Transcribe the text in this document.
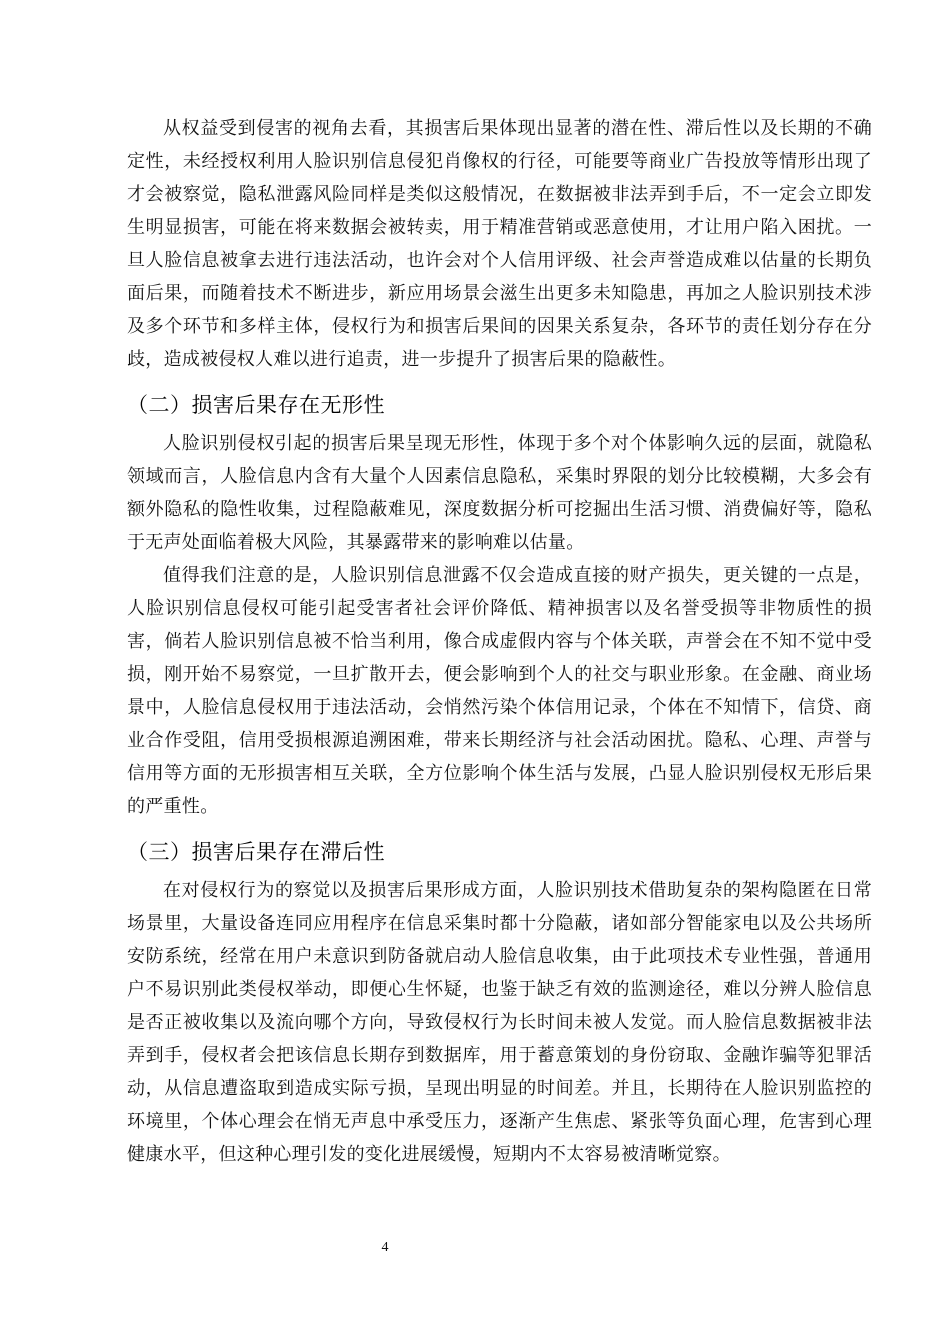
从权益受到侵害的视角去看，其损害后果体现出显著的潜在性、滞后性以及长期的不确定性，未经授权利用人脸识别信息侵犯肖像权的行径，可能要等商业广告投放等情形出现了才会被察觉，隐私泄露风险同样是类似这般情况，在数据被非法弄到手后，不一定会立即发生明显损害，可能在将来数据会被转卖，用于精准营销或恶意使用，才让用户陷入困扰。一旦人脸信息被拿去进行违法活动，也许会对个人信用评级、社会声誉造成难以估量的长期负面后果，而随着技术不断进步，新应用场景会滋生出更多未知隐患，再加之人脸识别技术涉及多个环节和多样主体，侵权行为和损害后果间的因果关系复杂，各环节的责任划分存在分歧，造成被侵权人难以进行追责，进一步提升了损害后果的隐蔽性。

（二）损害后果存在无形性

人脸识别侵权引起的损害后果呈现无形性，体现于多个对个体影响久远的层面，就隐私领域而言，人脸信息内含有大量个人因素信息隐私，采集时界限的划分比较模糊，大多会有额外隐私的隐性收集，过程隐蔽难见，深度数据分析可挖掘出生活习惯、消费偏好等，隐私于无声处面临着极大风险，其暴露带来的影响难以估量。

值得我们注意的是，人脸识别信息泄露不仅会造成直接的财产损失，更关键的一点是，人脸识别信息侵权可能引起受害者社会评价降低、精神损害以及名誉受损等非物质性的损害，倘若人脸识别信息被不恰当利用，像合成虚假内容与个体关联，声誉会在不知不觉中受损，刚开始不易察觉，一旦扩散开去，便会影响到个人的社交与职业形象。在金融、商业场景中，人脸信息侵权用于违法活动，会悄然污染个体信用记录，个体在不知情下，信贷、商业合作受阻，信用受损根源追溯困难，带来长期经济与社会活动困扰。隐私、心理、声誉与信用等方面的无形损害相互关联，全方位影响个体生活与发展，凸显人脸识别侵权无形后果的严重性。

（三）损害后果存在滞后性

在对侵权行为的察觉以及损害后果形成方面，人脸识别技术借助复杂的架构隐匿在日常场景里，大量设备连同应用程序在信息采集时都十分隐蔽，诸如部分智能家电以及公共场所安防系统，经常在用户未意识到防备就启动人脸信息收集，由于此项技术专业性强，普通用户不易识别此类侵权举动，即便心生怀疑，也鉴于缺乏有效的监测途径，难以分辨人脸信息是否正被收集以及流向哪个方向，导致侵权行为长时间未被人发觉。而人脸信息数据被非法弄到手，侵权者会把该信息长期存到数据库，用于蓄意策划的身份窃取、金融诈骗等犯罪活动，从信息遭盗取到造成实际亏损，呈现出明显的时间差。并且，长期待在人脸识别监控的环境里，个体心理会在悄无声息中承受压力，逐渐产生焦虑、紧张等负面心理，危害到心理健康水平，但这种心理引发的变化进展缓慢，短期内不太容易被清晰觉察。

4
